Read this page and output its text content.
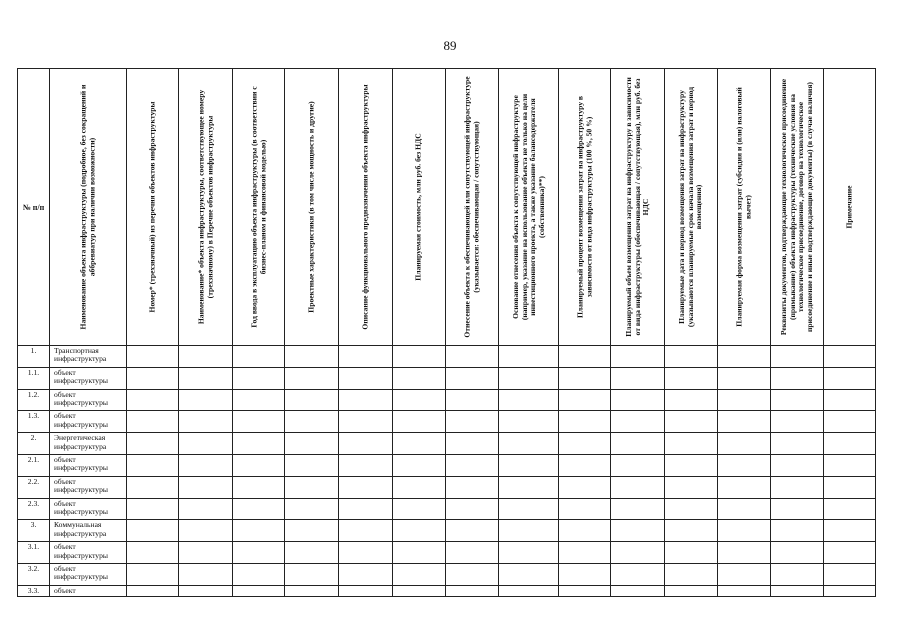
89
№ п/п	Наименование объекта инфраструктуры (подробное, без сокращений и аббревиатур при наличии возможности)	Номер* (трехзначный) из перечня объектов инфраструктуры	Наименование* объекта инфраструктуры, соответствующее номеру (трехзначному) в Перечне объектов инфраструктуры	Год ввода в эксплуатацию объекта инфраструктуры (в соответствии с бизнес-планом и финансовой моделью)	Проектные характеристики (в том числе мощность и другие)	Описание функционального предназначения объекта инфраструктуры	Планируемая стоимость, млн руб. без НДС	Отнесение объекта к обеспечивающей или сопутствующей инфраструктуре (указывается: обеспечивающая / сопутствующая)	Основание отнесения объекта к сопутствующей инфраструктуре (например, указание на использование объекта не только на цели инвестиционного проекта, а также указание балансодержателя (собственника)**)	Планируемый процент возмещения затрат на инфраструктуру в зависимости от вида инфраструктуры (100 %, 50 %)	Планируемый объем возмещения затрат на инфраструктуру в зависимости от вида инфраструктуры (обеспечивающая / сопутствующая), млн руб. без НДС	Планируемые дата и период возмещения затрат на инфраструктуру (указываются планируемые срок начала возмещения затрат и период возмещения)	Планируемая форма возмещения затрат (субсидия и (или) налоговый вычет)	Реквизиты документов, подтверждающие технологическое присоединение (примыкание) объекта инфраструктуры (технические условия на технологическое присоединение, договор на технологическое присоединение и иные подтверждающие документы) (в случае наличия)	Примечание

1.	Транспортная инфраструктура														
1.1.	объект инфраструктуры														
1.2.	объект инфраструктуры														
1.3.	объект инфраструктуры														
2.	Энергетическая инфраструктура														
2.1.	объект инфраструктуры														
2.2.	объект инфраструктуры														
2.3.	объект инфраструктуры														
3.	Коммунальная инфраструктура														
3.1.	объект инфраструктуры														
3.2.	объект инфраструктуры														
3.3.	объект														
